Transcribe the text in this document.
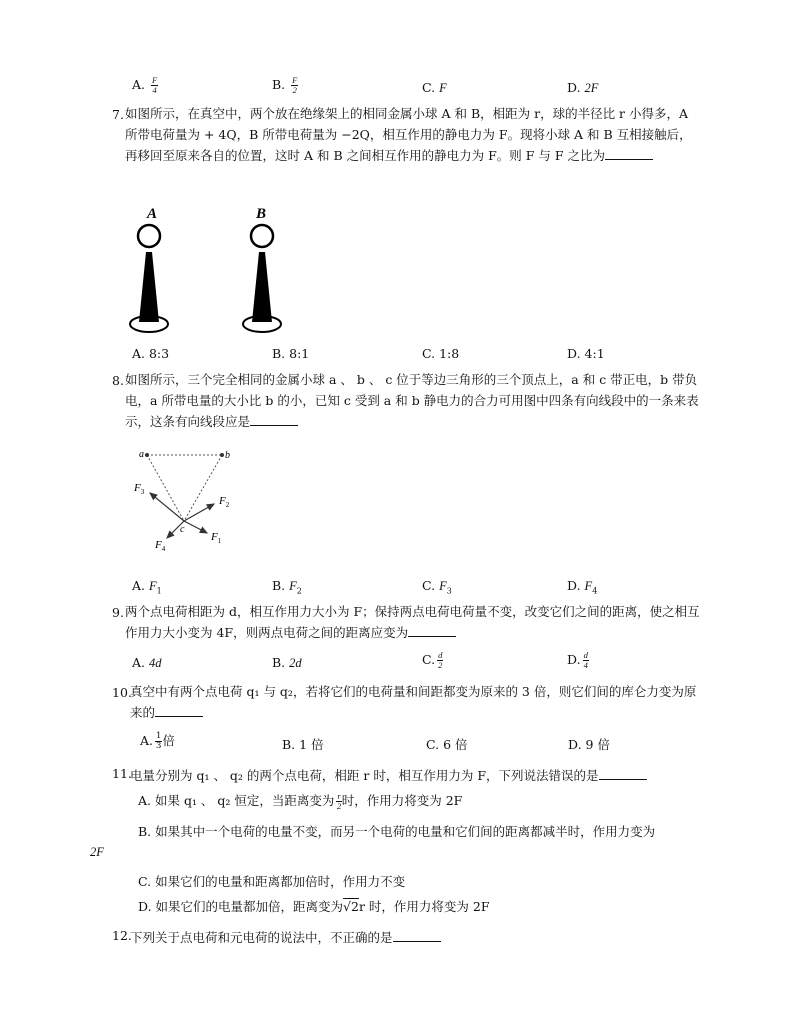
A. $\frac{F}{4}$	B. $\frac{F}{2}$	C. F	D. 2F
7. 如图所示，在真空中，两个放在绝缘架上的相同金属小球 A 和 B，相距为 r，球的半径比 r 小得多，A 所带电荷量为 + 4Q，B 所带电荷量为 −2Q，相互作用的静电力为 F。现将小球 A 和 B 互相接触后，再移回至原来各自的位置，这时 A 和 B 之间相互作用的静电力为 F。则 F 与 F 之比为
A	B
A. 8:3	B. 8:1	C. 1:8	D. 4:1
8. 如图所示，三个完全相同的金属小球 a 、 b 、 c 位于等边三角形的三个顶点上，a 和 c 带正电，b 带负电，a 所带电量的大小比 b 的小，已知 c 受到 a 和 b 静电力的合力可用图中四条有向线段中的一条来表示，这条有向线段应是
a	b
c
$F_3$
$F_2$
$F_1$
$F_4$
A. $F_1$	B. $F_2$	C. $F_3$	D. $F_4$
9. 两个点电荷相距为 d，相互作用力大小为 F；保持两点电荷电荷量不变，改变它们之间的距离，使之相互作用力大小变为 4F，则两点电荷之间的距离应变为
A. 4d	B. 2d	C. $\frac{d}{2}$	D. $\frac{d}{4}$
10.
真空中有两个点电荷 q₁ 与 q₂，若将它们的电荷量和间距都变为原来的 3 倍，则它们间的库仑力变为原来的
A. $\frac{1}{3}$ 倍	B. 1 倍	C. 6 倍	D. 9 倍
11.
电量分别为 q₁ 、 q₂ 的两个点电荷，相距 r 时，相互作用力为 F，下列说法错误的是
A. 如果 q₁ 、 q₂ 恒定，当距离变为 $\frac{r}{2}$ 时，作用力将变为 2F
B. 如果其中一个电荷的电量不变，而另一个电荷的电量和它们间的距离都减半时，作用力变为
2F
C. 如果它们的电量和距离都加倍时，作用力不变
D. 如果它们的电量都加倍，距离变为√2r 时，作用力将变为 2F
12.
下列关于点电荷和元电荷的说法中，不正确的是
